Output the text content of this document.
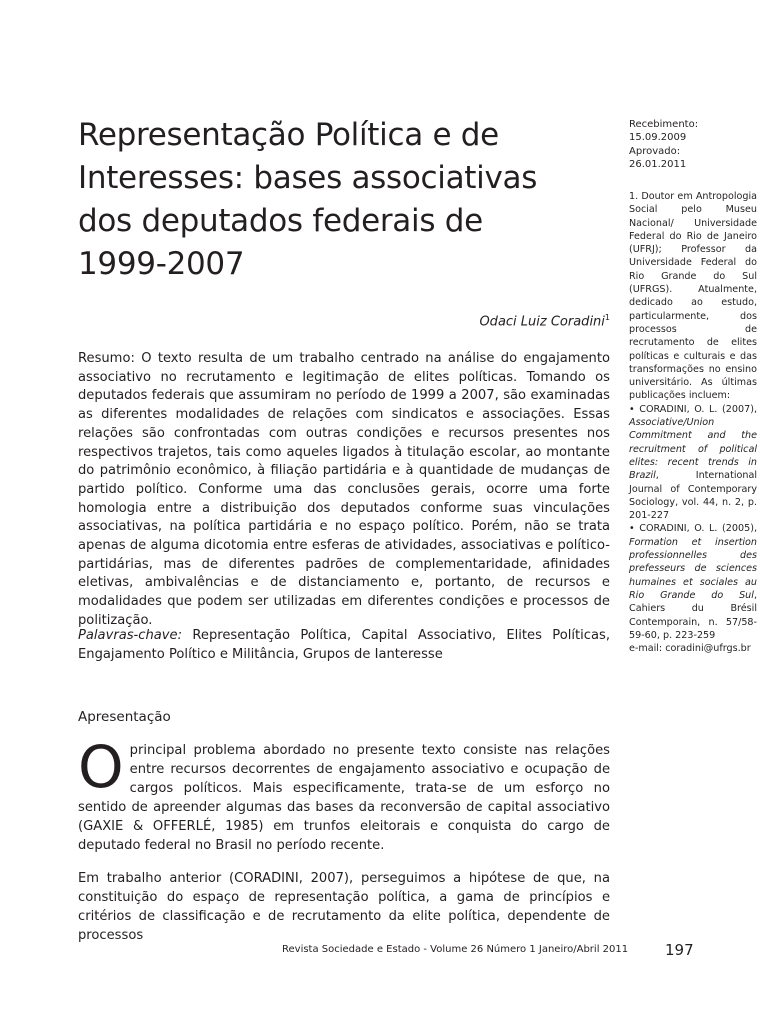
Representação Política e de Interesses: bases associativas dos deputados federais de 1999-2007
Odaci Luiz Coradini$^1$

Resumo: O texto resulta de um trabalho centrado na análise do engajamento associativo no recrutamento e legitimação de elites políticas. Tomando os deputados federais que assumiram no período de 1999 a 2007, são examinadas as diferentes modalidades de relações com sindicatos e associações. Essas relações são confrontadas com outras condições e recursos presentes nos respectivos trajetos, tais como aqueles ligados à titulação escolar, ao montante do patrimônio econômico, à filiação partidária e à quantidade de mudanças de partido político. Conforme uma das conclusões gerais, ocorre uma forte homologia entre a distribuição dos deputados conforme suas vinculações associativas, na política partidária e no espaço político. Porém, não se trata apenas de alguma dicotomia entre esferas de atividades, associativas e político-partidárias, mas de diferentes padrões de complementaridade, afinidades eletivas, ambivalências e de distanciamento e, portanto, de recursos e modalidades que podem ser utilizadas em diferentes condições e processos de politização.

Palavras-chave: Representação Política, Capital Associativo, Elites Políticas, Engajamento Político e Militância, Grupos de Ianteresse

Apresentação

Oprincipal problema abordado no presente texto consiste nas relações entre recursos decorrentes de engajamento associativo e ocupação de cargos políticos. Mais especificamente, trata-se de um esforço no sentido de apreender algumas das bases da reconversão de capital associativo (GAXIE & OFFERLÉ, 1985) em trunfos eleitorais e conquista do cargo de deputado federal no Brasil no período recente.

Em trabalho anterior (CORADINI, 2007), perseguimos a hipótese de que, na constituição do espaço de representação política, a gama de princípios e critérios de classificação e de recrutamento da elite política, dependente de processos

Recebimento:
15.09.2009
Aprovado:
26.01.2011

1. Doutor em Antropologia Social pelo Museu Nacional/ Universidade Federal do Rio de Janeiro (UFRJ); Professor da Universidade Federal do Rio Grande do Sul (UFRGS). Atualmente, dedicado ao estudo, particularmente, dos processos de recrutamento de elites políticas e culturais e das transformações no ensino universitário. As últimas publicações incluem:

• CORADINI, O. L. (2007), Associative/Union Commitment and the recruitment of political elites: recent trends in Brazil, International Journal of Contemporary Sociology, vol. 44, n. 2, p. 201-227

• CORADINI, O. L. (2005), Formation et insertion professionnelles des prefesseurs de sciences humaines et sociales au Rio Grande do Sul, Cahiers du Brésil Contemporain, n. 57/58-59-60, p. 223-259

e-mail: coradini@ufrgs.br

Revista Sociedade e Estado - Volume 26 Número 1 Janeiro/Abril 2011 197
